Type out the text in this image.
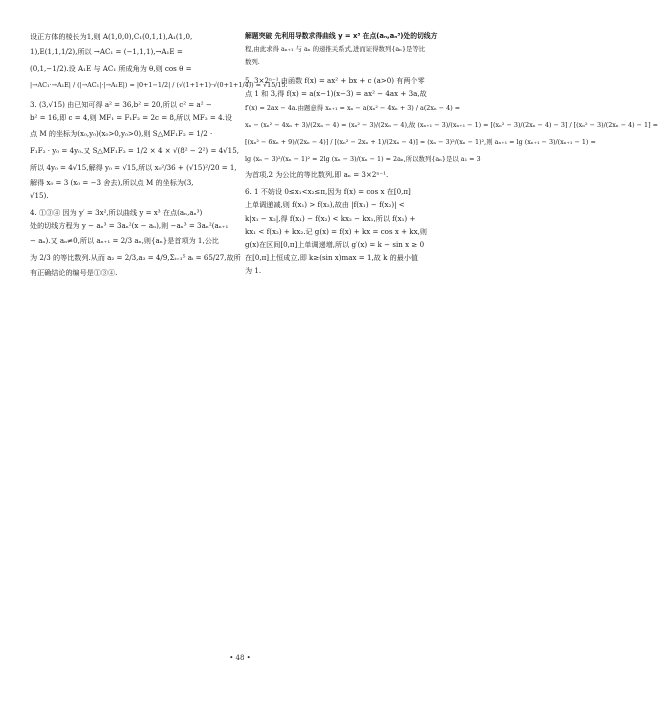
设正方体的棱长为1,则 A(1,0,0),C₁(0,1,1),A₁(1,0,
1),E(1,1,1/2),所以 →AC₁ = (−1,1,1),→A₁E =
(0,1,−1/2).设 A₁E 与 AC₁ 所成角为 θ,则 cos θ =
|→AC₁·→A₁E| / (|→AC₁|·|→A₁E|) = |0+1−1/2| / (√(1+1+1)·√(0+1+1/4)) = √15/15.
3. (3,√15) 由已知可得 a² = 36,b² = 20,所以 c² = a² −
b² = 16,即 c = 4,则 MF₁ = F₁F₂ = 2c = 8,所以 MF₂ = 4.设
点 M 的坐标为(x₀,y₀)(x₀>0,y₀>0),则 S△MF₁F₂ = 1/2 ·
F₁F₂ · y₀ = 4y₀.又 S△MF₁F₂ = 1/2 × 4 × √(8² − 2²) = 4√15,
所以 4y₀ = 4√15,解得 y₀ = √15,所以 x₀²/36 + (√15)²/20 = 1,
解得 x₀ = 3 (x₀ = −3 舍去),所以点 M 的坐标为(3,
√15).
4. ①③④ 因为 y′ = 3x²,所以曲线 y = x³ 在点(aₙ,aₙ³)
处的切线方程为 y − aₙ³ = 3aₙ²(x − aₙ),则 −aₙ³ = 3aₙ²(aₙ₊₁
− aₙ).又 aₙ≠0,所以 aₙ₊₁ = 2/3 aₙ,则{aₙ}是首项为 1,公比
为 2/3 的等比数列.从而 a₂ = 2/3,a₃ = 4/9,Σᵢ₌₁⁵ aᵢ = 65/27,故所
有正确结论的编号是①③④.
解题突破 先利用导数求得曲线 y = x³ 在点(aₙ,aₙ³)处的切线方
程,由此求得 aₙ₊₁ 与 aₙ 的递推关系式,进而证得数列{aₙ}是等比
数列.
5. 3×2ⁿ⁻¹ 由函数 f(x) = ax² + bx + c (a>0) 有两个零
点 1 和 3,得 f(x) = a(x−1)(x−3) = ax² − 4ax + 3a,故
f′(x) = 2ax − 4a.由题意得 xₙ₊₁ = xₙ − a(xₙ² − 4xₙ + 3) / a(2xₙ − 4) =
xₙ − (xₙ² − 4xₙ + 3)/(2xₙ − 4) = (xₙ² − 3)/(2xₙ − 4),故 (xₙ₊₁ − 3)/(xₙ₊₁ − 1) = [(xₙ² − 3)/(2xₙ − 4) − 3] / [(xₙ² − 3)/(2xₙ − 4) − 1] =
[(xₙ² − 6xₙ + 9)/(2xₙ − 4)] / [(xₙ² − 2xₙ + 1)/(2xₙ − 4)] = (xₙ − 3)²/(xₙ − 1)²,则 aₙ₊₁ = lg (xₙ₊₁ − 3)/(xₙ₊₁ − 1) =
lg (xₙ − 3)²/(xₙ − 1)² = 2lg (xₙ − 3)/(xₙ − 1) = 2aₙ,所以数列{aₙ}是以 a₁ = 3
为首项,2 为公比的等比数列,即 aₙ = 3×2ⁿ⁻¹.
6. 1 不妨设 0≤x₁<x₂≤π,因为 f(x) = cos x 在[0,π]
上单调递减,则 f(x₁) > f(x₂),故由 |f(x₁) − f(x₂)| <
k|x₁ − x₂|,得 f(x₁) − f(x₂) < kx₂ − kx₁,所以 f(x₁) +
kx₁ < f(x₂) + kx₂.记 g(x) = f(x) + kx = cos x + kx,则
g(x)在区间[0,π]上单调递增,所以 g′(x) = k − sin x ≥ 0
在[0,π]上恒成立,即 k≥(sin x)max = 1,故 k 的最小值
为 1.
• 48 •
